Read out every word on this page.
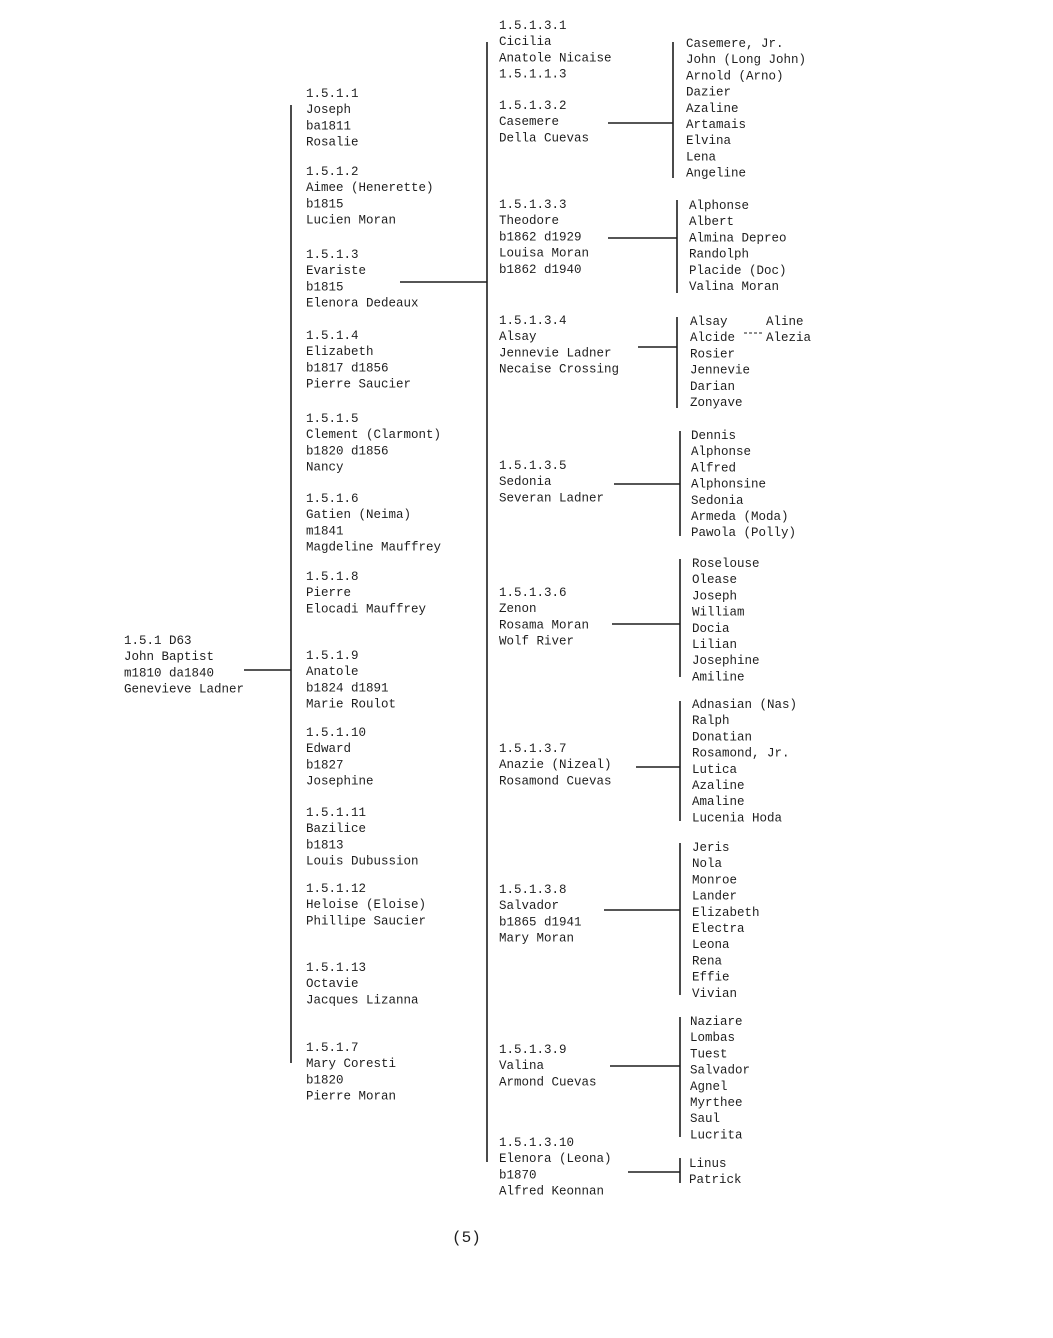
1.5.1 D63
John Baptist
m1810 da1840
Genevieve Ladner
1.5.1.1
Joseph
ba1811
Rosalie
1.5.1.2
Aimee (Henerette)
b1815
Lucien Moran
1.5.1.3
Evariste
b1815
Elenora Dedeaux
1.5.1.4
Elizabeth
b1817 d1856
Pierre Saucier
1.5.1.5
Clement (Clarmont)
b1820 d1856
Nancy
1.5.1.6
Gatien (Neima)
m1841
Magdeline Mauffrey
1.5.1.8
Pierre
Elocadi Mauffrey
1.5.1.9
Anatole
b1824 d1891
Marie Roulot
1.5.1.10
Edward
b1827
Josephine
1.5.1.11
Bazilice
b1813
Louis Dubussion
1.5.1.12
Heloise (Eloise)
Phillipe Saucier
1.5.1.13
Octavie
Jacques Lizanna
1.5.1.7
Mary Coresti
b1820
Pierre Moran
1.5.1.3.1
Cicilia
Anatole Nicaise
1.5.1.1.3
Casemere, Jr.
John (Long John)
Arnold (Arno)
Dazier
Azaline
Artamais
Elvina
Lena
Angeline
1.5.1.3.2
Casemere
Della Cuevas
1.5.1.3.3
Theodore
b1862 d1929
Louisa Moran
b1862 d1940
Alphonse
Albert
Almina Depreo
Randolph
Placide (Doc)
Valina Moran
1.5.1.3.4
Alsay
Jennevie Ladner
Necaise Crossing
Alsay
Alcide
Rosier
Jennevie
Darian
Zonyave
Aline
Alezia
1.5.1.3.5
Sedonia
Severan Ladner
Dennis
Alphonse
Alfred
Alphonsine
Sedonia
Armeda (Moda)
Pawola (Polly)
1.5.1.3.6
Zenon
Rosama Moran
Wolf River
Roselouse
Olease
Joseph
William
Docia
Lilian
Josephine
Amiline
1.5.1.3.7
Anazie (Nizeal)
Rosamond Cuevas
Adnasian (Nas)
Ralph
Donatian
Rosamond, Jr.
Lutica
Azaline
Amaline
Lucenia Hoda
1.5.1.3.8
Salvador
b1865 d1941
Mary Moran
Jeris
Nola
Monroe
Lander
Elizabeth
Electra
Leona
Rena
Effie
Vivian
1.5.1.3.9
Valina
Armond Cuevas
Naziare
Lombas
Tuest
Salvador
Agnel
Myrthee
Saul
Lucrita
1.5.1.3.10
Elenora (Leona)
b1870
Alfred Keonnan
Linus
Patrick
(5)
